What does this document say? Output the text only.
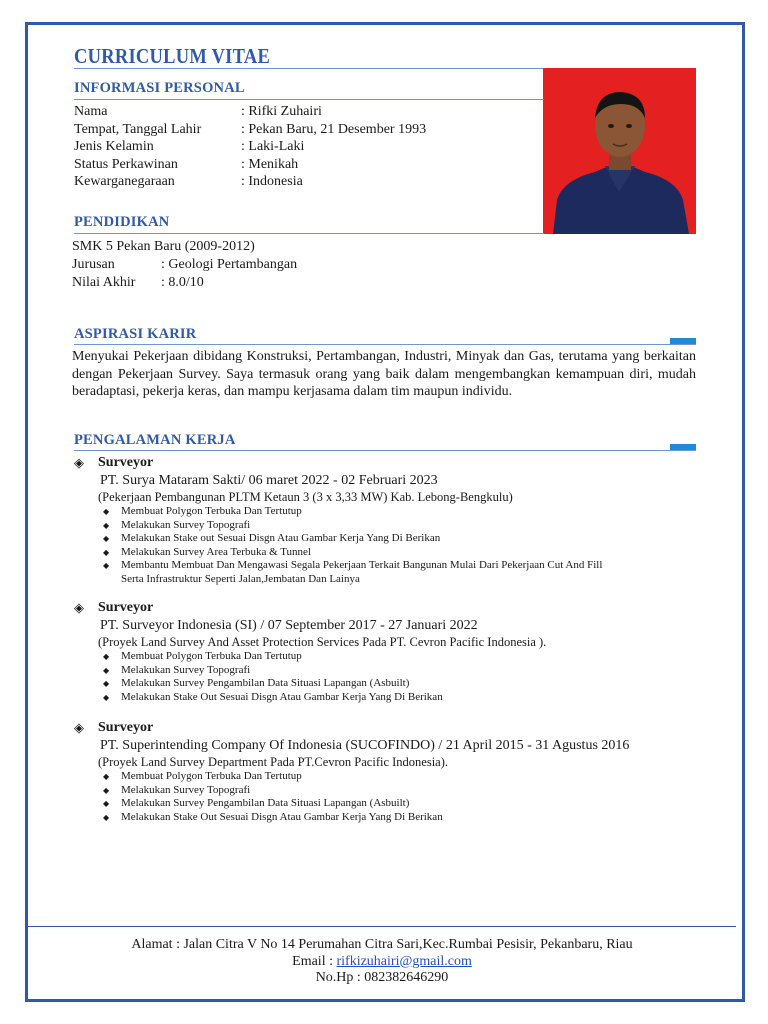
CURRICULUM VITAE
INFORMASI PERSONAL
Nama	: Rifki Zuhairi
Tempat, Tanggal Lahir	: Pekan Baru, 21 Desember 1993
Jenis Kelamin	: Laki-Laki
Status Perkawinan	: Menikah
Kewarganegaraan	: Indonesia
PENDIDIKAN
SMK 5 Pekan Baru (2009-2012)
Jurusan	: Geologi Pertambangan
Nilai Akhir : 8.0/10
ASPIRASI KARIR
Menyukai Pekerjaan dibidang Konstruksi, Pertambangan, Industri, Minyak dan Gas, terutama yang berkaitan dengan Pekerjaan Survey. Saya termasuk orang yang baik dalam mengembangkan kemampuan diri, mudah beradaptasi, pekerja keras, dan mampu kerjasama dalam tim maupun individu.
PENGALAMAN KERJA
◈ Surveyor
PT. Surya Mataram Sakti/ 06 maret 2022 - 02 Februari 2023
(Pekerjaan Pembangunan PLTM Ketaun 3 (3 x 3,33 MW) Kab. Lebong-Bengkulu)
◆ Membuat Polygon Terbuka Dan Tertutup
◆ Melakukan Survey Topografi
◆ Melakukan Stake out Sesuai Disgn Atau Gambar Kerja Yang Di Berikan
◆ Melakukan Survey Area Terbuka & Tunnel
◆ Membantu Membuat Dan Mengawasi Segala Pekerjaan Terkait Bangunan Mulai Dari Pekerjaan Cut And Fill
Serta Infrastruktur Seperti Jalan,Jembatan Dan Lainya
◈ Surveyor
PT. Surveyor Indonesia (SI) / 07 September 2017 - 27 Januari 2022
(Proyek Land Survey And Asset Protection Services Pada PT. Cevron Pacific Indonesia ).
◆ Membuat Polygon Terbuka Dan Tertutup
◆ Melakukan Survey Topografi
◆ Melakukan Survey Pengambilan Data Situasi Lapangan (Asbuilt)
◆ Melakukan Stake Out Sesuai Disgn Atau Gambar Kerja Yang Di Berikan
◈ Surveyor
PT. Superintending Company Of Indonesia (SUCOFINDO) / 21 April 2015 - 31 Agustus 2016
(Proyek Land Survey Department Pada PT.Cevron Pacific Indonesia).
◆ Membuat Polygon Terbuka Dan Tertutup
◆ Melakukan Survey Topografi
◆ Melakukan Survey Pengambilan Data Situasi Lapangan (Asbuilt)
◆ Melakukan Stake Out Sesuai Disgn Atau Gambar Kerja Yang Di Berikan
Alamat : Jalan Citra V No 14 Perumahan Citra Sari,Kec.Rumbai Pesisir, Pekanbaru, Riau
Email : rifkizuhairi@gmail.com
No.Hp : 082382646290
